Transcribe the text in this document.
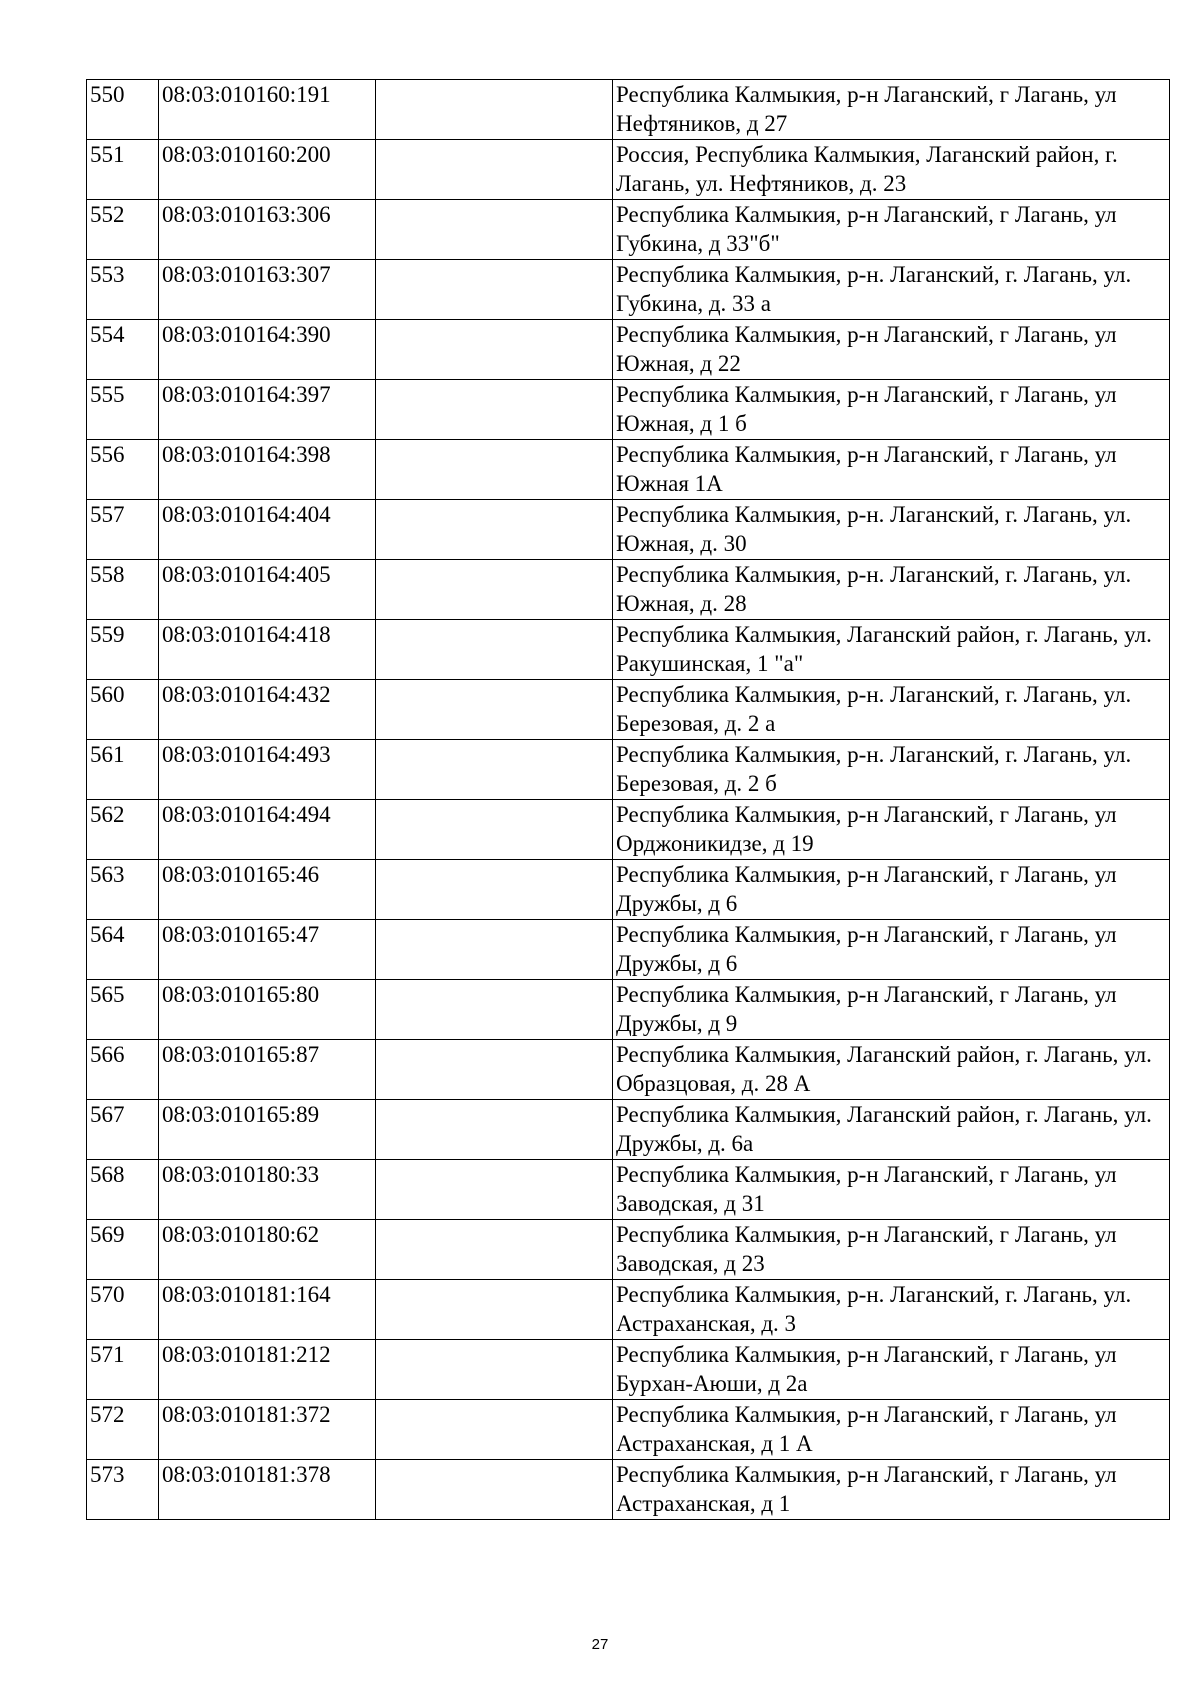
550	08:03:010160:191		Республика Калмыкия, р-н Лаганский, г Лагань, ул Нефтяников, д 27
551	08:03:010160:200		Россия, Республика Калмыкия, Лаганский район, г. Лагань, ул. Нефтяников, д. 23
552	08:03:010163:306		Республика Калмыкия, р-н Лаганский, г Лагань, ул Губкина, д 33"б"
553	08:03:010163:307		Республика Калмыкия, р-н. Лаганский, г. Лагань, ул. Губкина, д. 33 а
554	08:03:010164:390		Республика Калмыкия, р-н Лаганский, г Лагань, ул Южная, д 22
555	08:03:010164:397		Республика Калмыкия, р-н Лаганский, г Лагань, ул Южная, д 1 б
556	08:03:010164:398		Республика Калмыкия, р-н Лаганский, г Лагань, ул Южная 1А
557	08:03:010164:404		Республика Калмыкия, р-н. Лаганский, г. Лагань, ул. Южная, д. 30
558	08:03:010164:405		Республика Калмыкия, р-н. Лаганский, г. Лагань, ул. Южная, д. 28
559	08:03:010164:418		Республика Калмыкия, Лаганский район, г. Лагань, ул. Ракушинская, 1 "а"
560	08:03:010164:432		Республика Калмыкия, р-н. Лаганский, г. Лагань, ул. Березовая, д. 2 а
561	08:03:010164:493		Республика Калмыкия, р-н. Лаганский, г. Лагань, ул. Березовая, д. 2 б
562	08:03:010164:494		Республика Калмыкия, р-н Лаганский, г Лагань, ул Орджоникидзе, д 19
563	08:03:010165:46		Республика Калмыкия, р-н Лаганский, г Лагань, ул Дружбы, д 6
564	08:03:010165:47		Республика Калмыкия, р-н Лаганский, г Лагань, ул Дружбы, д 6
565	08:03:010165:80		Республика Калмыкия, р-н Лаганский, г Лагань, ул Дружбы, д 9
566	08:03:010165:87		Республика Калмыкия, Лаганский район, г. Лагань, ул. Образцовая, д. 28 А
567	08:03:010165:89		Республика Калмыкия, Лаганский район, г. Лагань, ул. Дружбы, д. 6а
568	08:03:010180:33		Республика Калмыкия, р-н Лаганский, г Лагань, ул Заводская, д 31
569	08:03:010180:62		Республика Калмыкия, р-н Лаганский, г Лагань, ул Заводская, д 23
570	08:03:010181:164		Республика Калмыкия, р-н. Лаганский, г. Лагань, ул. Астраханская, д. 3
571	08:03:010181:212		Республика Калмыкия, р-н Лаганский, г Лагань, ул Бурхан-Аюши, д 2а
572	08:03:010181:372		Республика Калмыкия, р-н Лаганский, г Лагань, ул Астраханская, д 1 А
573	08:03:010181:378		Республика Калмыкия, р-н Лаганский, г Лагань, ул Астраханская, д 1
27
